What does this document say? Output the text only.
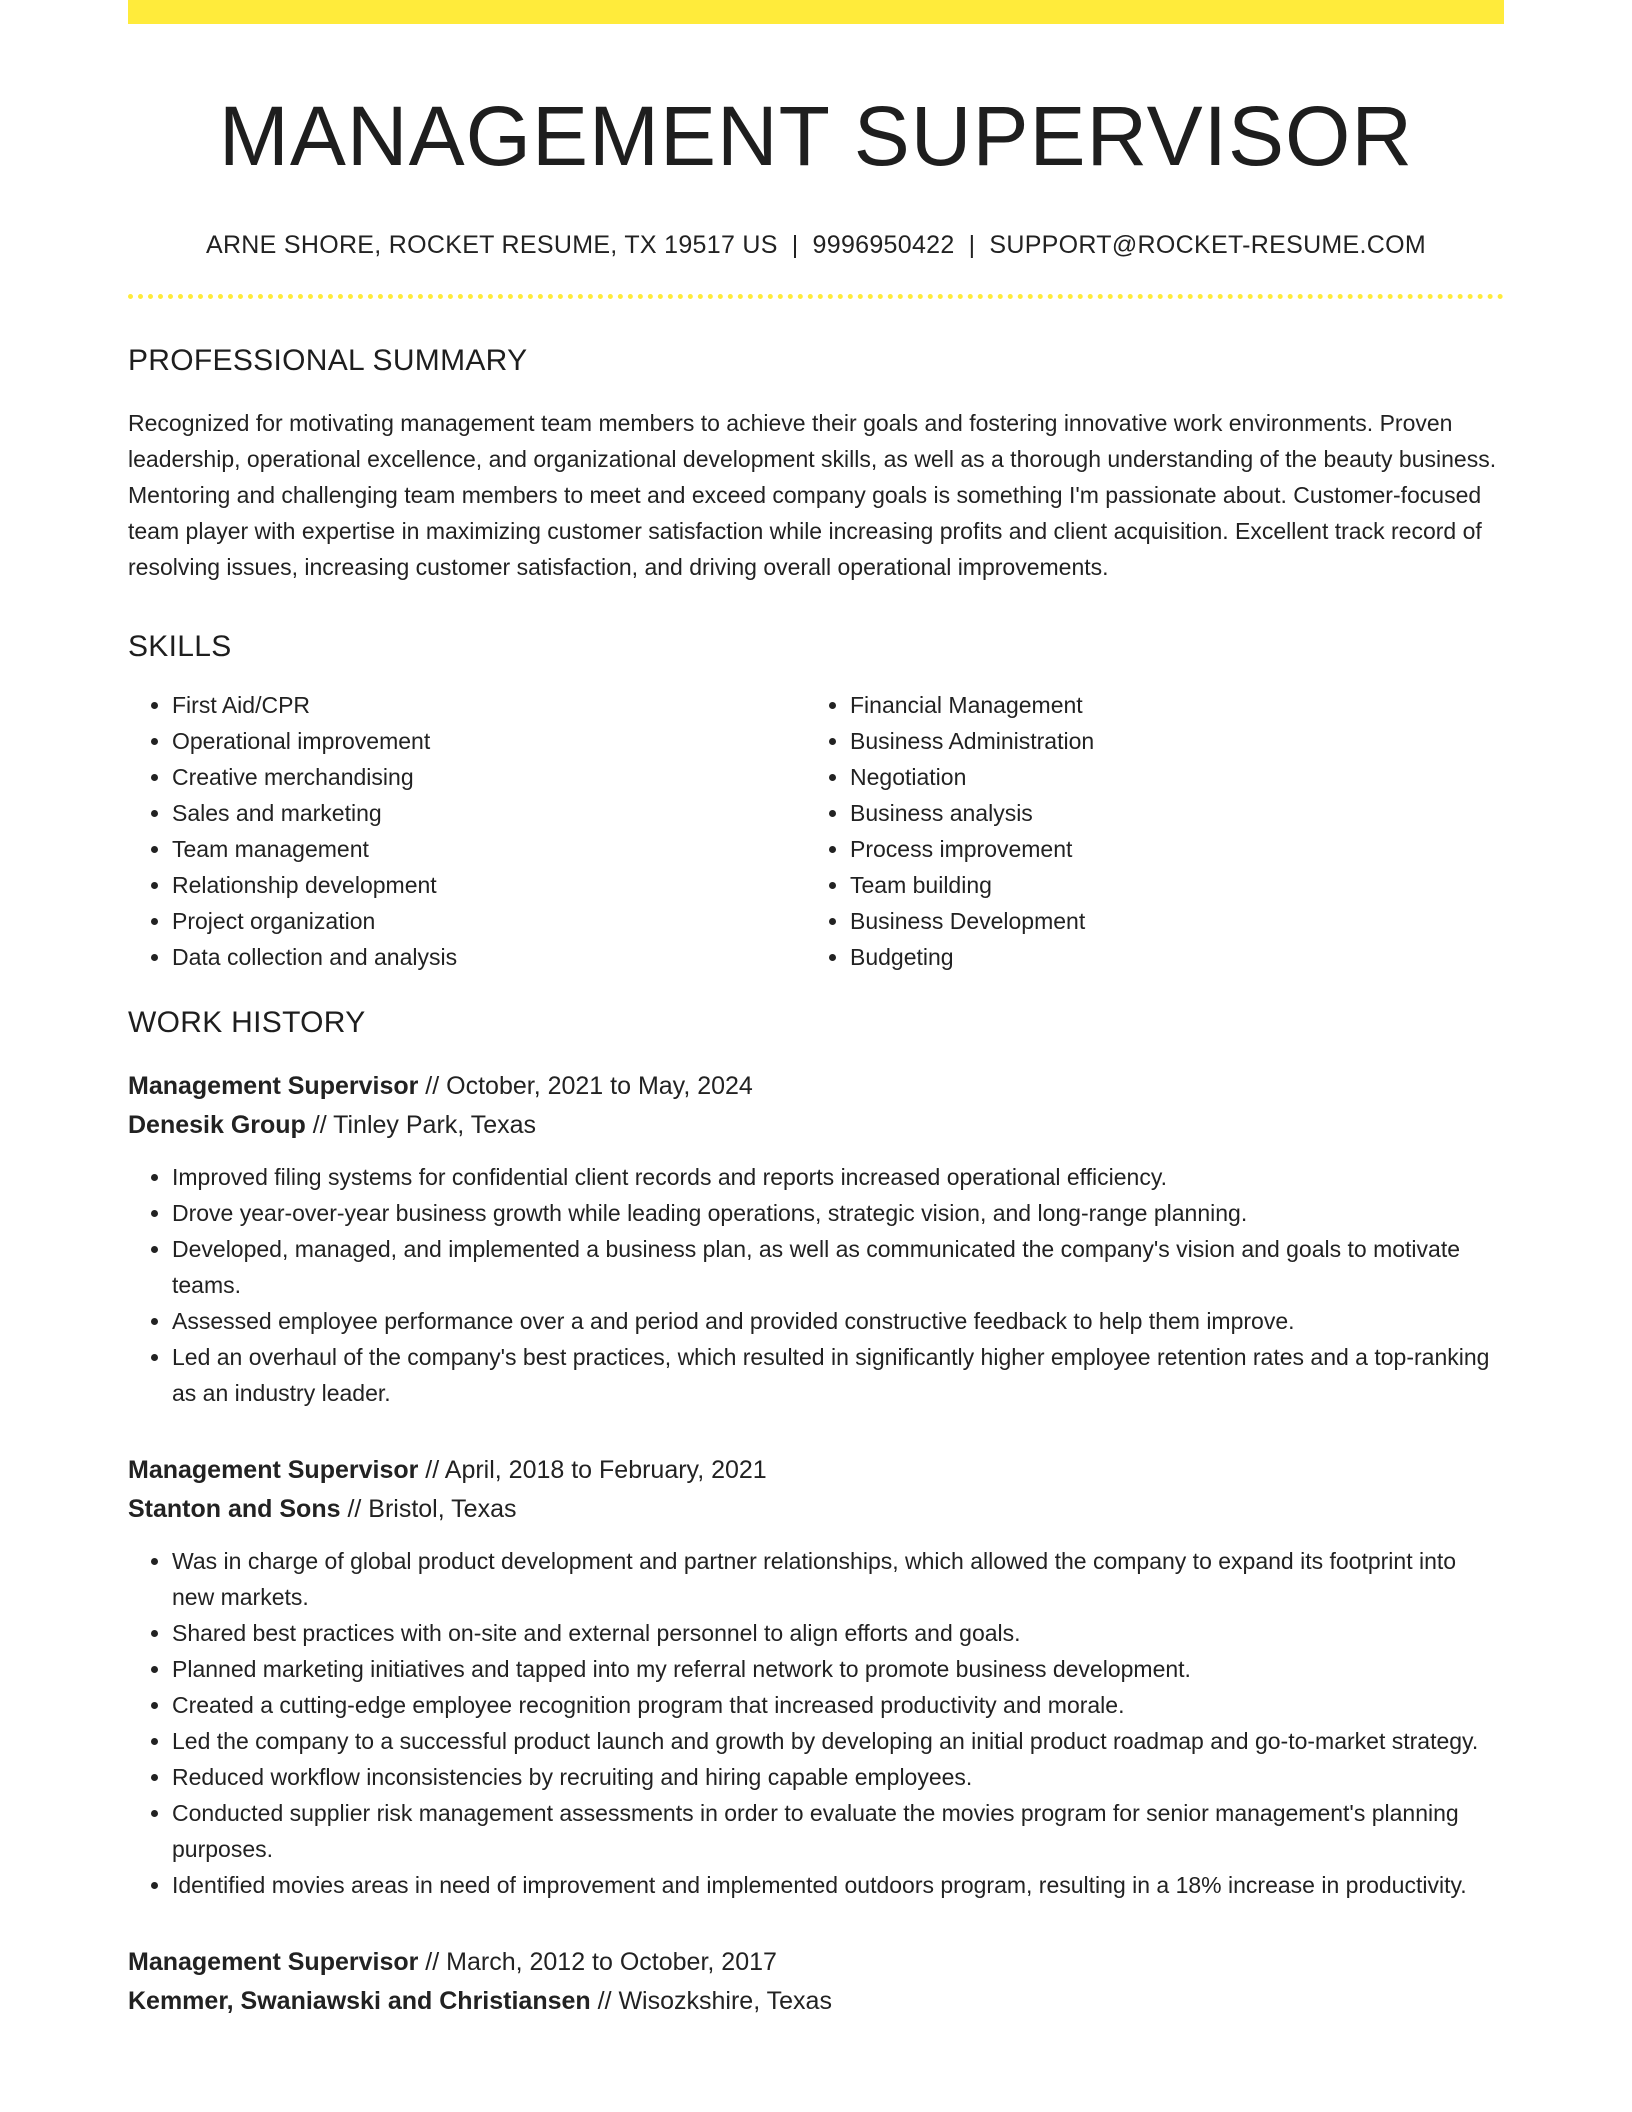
MANAGEMENT SUPERVISOR
ARNE SHORE, ROCKET RESUME, TX 19517 US | 9996950422 | SUPPORT@ROCKET-RESUME.COM
PROFESSIONAL SUMMARY

Recognized for motivating management team members to achieve their goals and fostering innovative work environments. Proven leadership, operational excellence, and organizational development skills, as well as a thorough understanding of the beauty business. Mentoring and challenging team members to meet and exceed company goals is something I'm passionate about. Customer-focused team player with expertise in maximizing customer satisfaction while increasing profits and client acquisition. Excellent track record of resolving issues, increasing customer satisfaction, and driving overall operational improvements.

SKILLS
• First Aid/CPR
• Operational improvement
• Creative merchandising
• Sales and marketing
• Team management
• Relationship development
• Project organization
• Data collection and analysis
• Financial Management
• Business Administration
• Negotiation
• Business analysis
• Process improvement
• Team building
• Business Development
• Budgeting
WORK HISTORY
Management Supervisor // October, 2021 to May, 2024
Denesik Group // Tinley Park, Texas
• Improved filing systems for confidential client records and reports increased operational efficiency.
• Drove year-over-year business growth while leading operations, strategic vision, and long-range planning.
• Developed, managed, and implemented a business plan, as well as communicated the company's vision and goals to motivate teams.
• Assessed employee performance over a and period and provided constructive feedback to help them improve.
• Led an overhaul of the company's best practices, which resulted in significantly higher employee retention rates and a top-ranking as an industry leader.
Management Supervisor // April, 2018 to February, 2021
Stanton and Sons // Bristol, Texas
• Was in charge of global product development and partner relationships, which allowed the company to expand its footprint into new markets.
• Shared best practices with on-site and external personnel to align efforts and goals.
• Planned marketing initiatives and tapped into my referral network to promote business development.
• Created a cutting-edge employee recognition program that increased productivity and morale.
• Led the company to a successful product launch and growth by developing an initial product roadmap and go-to-market strategy.
• Reduced workflow inconsistencies by recruiting and hiring capable employees.
• Conducted supplier risk management assessments in order to evaluate the movies program for senior management's planning purposes.
• Identified movies areas in need of improvement and implemented outdoors program, resulting in a 18% increase in productivity.
Management Supervisor // March, 2012 to October, 2017
Kemmer, Swaniawski and Christiansen // Wisozkshire, Texas
